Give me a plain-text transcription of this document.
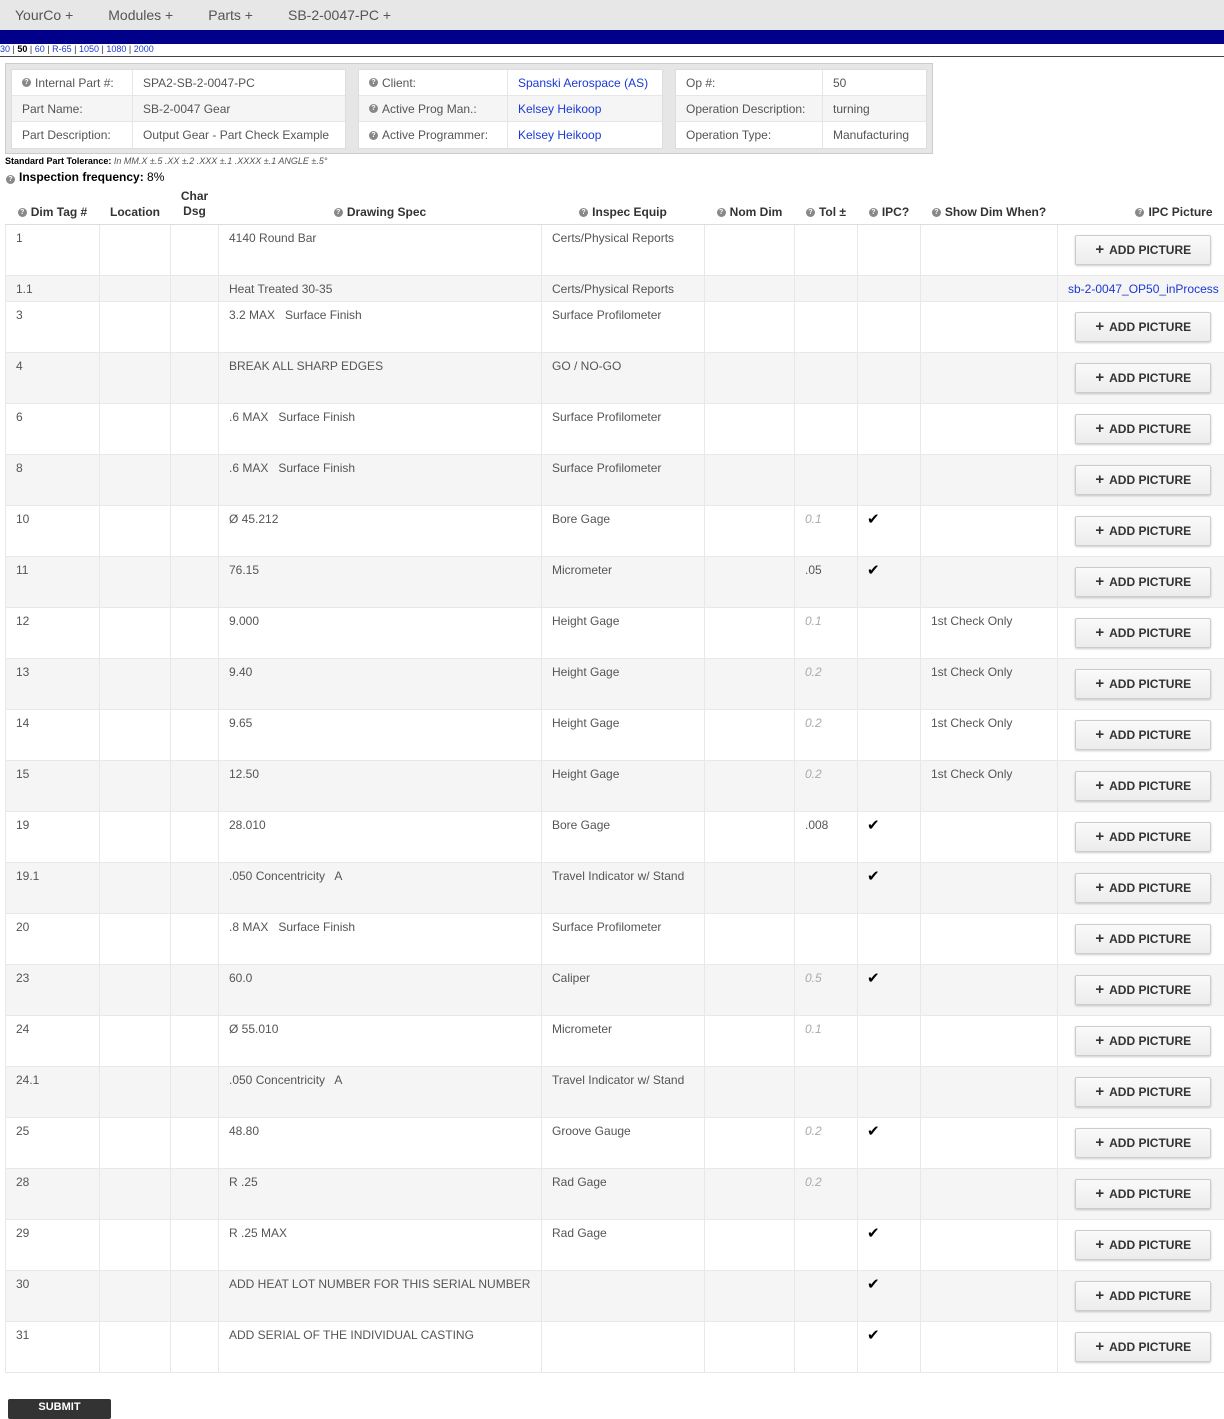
YourCo +	Modules +	Parts +	SB-2-0047-PC +
30 | 50 | 60 | R-65 | 1050 | 1080 | 2000
? Internal Part #:	SPA2-SB-2-0047-PC
Part Name:	SB-2-0047 Gear
Part Description:	Output Gear - Part Check Example
? Client:	Spanski Aerospace (AS)
? Active Prog Man.:	Kelsey Heikoop
? Active Programmer:	Kelsey Heikoop
Op #:	50
Operation Description:	turning
Operation Type:	Manufacturing
Standard Part Tolerance: In MM.X ±.5 .XX ±.2 .XXX ±.1 .XXXX ±.1 ANGLE ±.5°
? Inspection frequency: 8%
? Dim Tag #	Location	Char Dsg	? Drawing Spec	? Inspec Equip	? Nom Dim	? Tol ±	? IPC?	? Show Dim When?	? IPC Picture
1			4140 Round Bar	Certs/Physical Reports					+ ADD PICTURE
1.1			Heat Treated 30-35	Certs/Physical Reports					sb-2-0047_OP50_inProcess

3			3.2 MAX   Surface Finish	Surface Profilometer					+ ADD PICTURE
4			BREAK ALL SHARP EDGES	GO / NO-GO					+ ADD PICTURE
6			.6 MAX   Surface Finish	Surface Profilometer					+ ADD PICTURE
8			.6 MAX   Surface Finish	Surface Profilometer					+ ADD PICTURE
10			Ø 45.212	Bore Gage		0.1	✔		+ ADD PICTURE
11			76.15	Micrometer		.05	✔		+ ADD PICTURE
12			9.000	Height Gage		0.1		1st Check Only	+ ADD PICTURE
13			9.40	Height Gage		0.2		1st Check Only	+ ADD PICTURE
14			9.65	Height Gage		0.2		1st Check Only	+ ADD PICTURE
15			12.50	Height Gage		0.2		1st Check Only	+ ADD PICTURE
19			28.010	Bore Gage		.008	✔		+ ADD PICTURE
19.1			.050 Concentricity   A	Travel Indicator w/ Stand			✔		+ ADD PICTURE
20			.8 MAX   Surface Finish	Surface Profilometer					+ ADD PICTURE
23			60.0	Caliper		0.5	✔		+ ADD PICTURE
24			Ø 55.010	Micrometer		0.1			+ ADD PICTURE
24.1			.050 Concentricity   A	Travel Indicator w/ Stand					+ ADD PICTURE
25			48.80	Groove Gauge		0.2	✔		+ ADD PICTURE
28			R .25	Rad Gage		0.2			+ ADD PICTURE
29			R .25 MAX	Rad Gage			✔		+ ADD PICTURE
30			ADD HEAT LOT NUMBER FOR THIS SERIAL NUMBER				✔		+ ADD PICTURE
31			ADD SERIAL OF THE INDIVIDUAL CASTING				✔		+ ADD PICTURE
SUBMIT
